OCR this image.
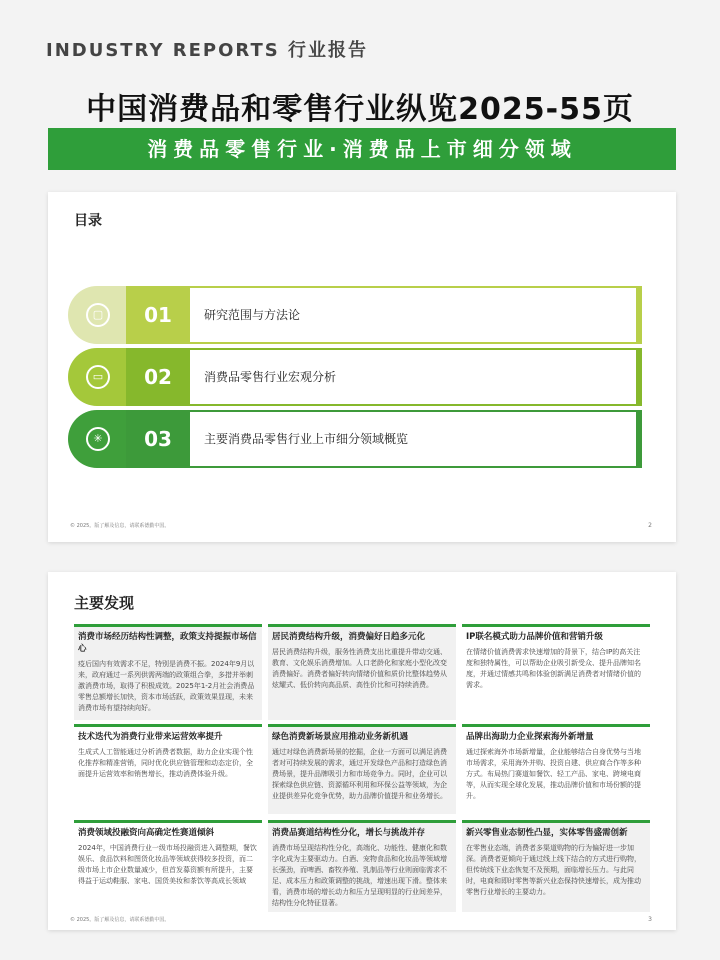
INDUSTRY REPORTS 行业报告
中国消费品和零售行业纵览2025-55页
消费品零售行业·消费品上市细分领域
目录
▢	01	研究范围与方法论
▭	02	消费品零售行业宏观分析
✳	03	主要消费品零售行业上市细分领域概览
© 2025。版了解及信息，请联系德勤中国。	2
主要发现
消费市场经历结构性调整，政策支持提振市场信心
疫后国内有效需求不足，特别是消费不振。2024年9月以来，政府通过一系列供需两端的政策组合拳，多措并举刺激消费市场，取得了积极成效。2025年1-2月社会消费品零售总额增长加快，资本市场活跃，政策效果显现，未来消费市场有望持续向好。
居民消费结构升级，消费偏好日趋多元化
居民消费结构升级，服务性消费支出比重提升带动交通、教育、文化娱乐消费增加。人口老龄化和家庭小型化改变消费偏好。消费者偏好转向情绪价值和质价比整体趋势从炫耀式、低价转向高品质、高性价比和可持续消费。
IP联名模式助力品牌价值和营销升级
在情绪价值消费需求快速增加的背景下，结合IP的高关注度和独特属性，可以帮助企业吸引新受众、提升品牌知名度，并通过情感共鸣和体验创新满足消费者对情绪价值的需求。
技术迭代为消费行业带来运营效率提升
生成式人工智能通过分析消费者数据，助力企业实现个性化推荐和精准营销，同时优化供应链管理和动态定价，全面提升运营效率和销售增长，推动消费体验升级。
绿色消费新场景应用推动业务新机遇
通过对绿色消费新场景的挖掘，企业一方面可以满足消费者对可持续发展的需求，通过开发绿色产品和打造绿色消费场景，提升品牌吸引力和市场竞争力。同时，企业可以探索绿色供应链、资源循环利用和环保公益等领域，为企业提供差异化竞争优势，助力品牌价值提升和业务增长。
品牌出海助力企业探索海外新增量
通过探索海外市场新增量，企业能够结合自身优势与当地市场需求，采用海外并购、投资自建、供应商合作等多种方式。布局热门赛道如餐饮、轻工产品、家电、跨境电商等，从而实现全球化发展，推动品牌价值和市场份额的提升。
消费领域投融资向高确定性赛道倾斜
2024年，中国消费行业一级市场投融资进入调整期，餐饮娱乐、食品饮料和图货化妆品等领域获得较多投资，而二级市场上市企业数量减少，但首发募资额有所提升，主要得益于运动鞋服、家电、国货美妆和茶饮等高成长领域
消费品赛道结构性分化，增长与挑战并存
消费市场呈现结构性分化，高端化、功能性、健康化和数字化成为主要驱动力。白酒、宠物食品和化妆品等领域增长强劲，而啤酒、畜牧养殖、乳制品等行业则面临需求不足、成本压力和政策调整的挑战，增速出现下滑。整体来看，消费市场的增长动力和压力呈现明显的行业间差异，结构性分化特征显著。
新兴零售业态韧性凸显，实体零售盛需创新
在零售业态端，消费者多渠道购物的行为偏好进一步加深。消费者更倾向于通过线上线下结合的方式进行购物，但传统线下业态恢复不及预期，面临增长压力。与此同时，电商和即时零售等新兴业态保持快速增长，成为推动零售行业增长的主要动力。
© 2025。版了解及信息，请联系德勤中国。	3
